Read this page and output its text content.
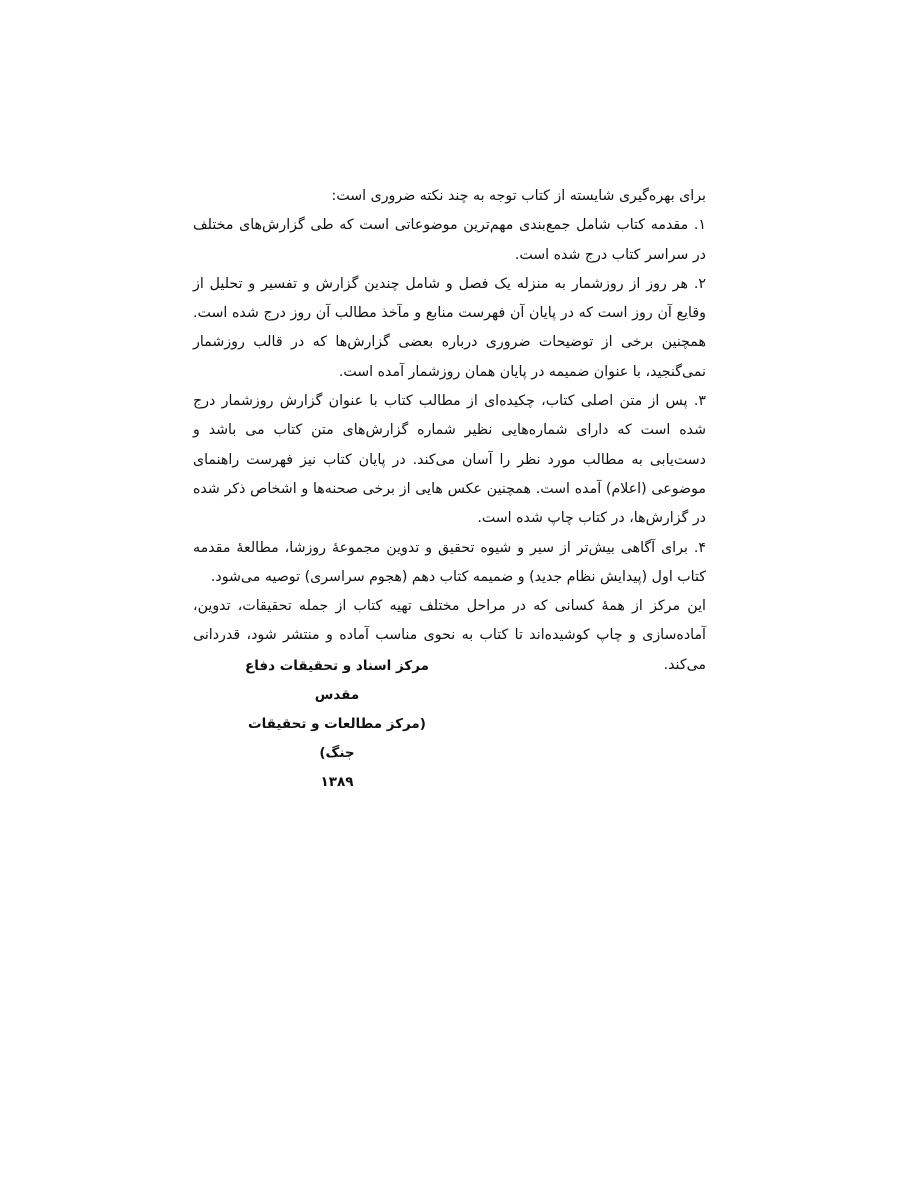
برای بهره‌گیری شایسته از کتاب توجه به چند نکته ضروری است:

۱. مقدمه کتاب شامل جمع‌بندی مهم‌ترین موضوعاتی است که طی گزارش‌های مختلف در سراسر کتاب درج شده است.

۲. هر روز از روزشمار به منزله یک فصل و شامل چندین گزارش و تفسیر و تحلیل از وقایع آن روز است که در پایان آن فهرست منابع و مآخذ مطالب آن روز درج شده است. همچنین برخی از توضیحات ضروری درباره بعضی گزارش‌ها که در قالب روزشمار نمی‌گنجید، با عنوان ضمیمه در پایان همان روزشمار آمده است.

۳. پس از متن اصلی کتاب، چکیده‌ای از مطالب کتاب با عنوان گزارش روزشمار درج شده است که دارای شماره‌هایی نظیر شماره گزارش‌های متن کتاب می باشد و دست‌یابی به مطالب مورد نظر را آسان می‌کند. در پایان کتاب نیز فهرست راهنمای موضوعی (اعلام) آمده است. همچنین عکس هایی از برخی صحنه‌ها و اشخاص ذکر شده در گزارش‌ها، در کتاب چاپ شده است.

۴. برای آگاهی بیش‌تر از سیر و شیوه تحقیق و تدوین مجموعهٔ روزشا، مطالعهٔ مقدمه کتاب اول (پیدایش نظام جدید) و ضمیمه کتاب دهم (هجوم سراسری) توصیه می‌شود.

این مرکز از همهٔ کسانی که در مراحل مختلف تهیه کتاب از جمله تحقیقات، تدوین، آماده‌سازی و چاپ کوشیده‌اند تا کتاب به نحوی مناسب آماده و منتشر شود، قدردانی می‌کند.

مرکز اسناد و تحقیقات دفاع مقدس
(مرکز مطالعات و تحقیقات جنگ)
۱۳۸۹
